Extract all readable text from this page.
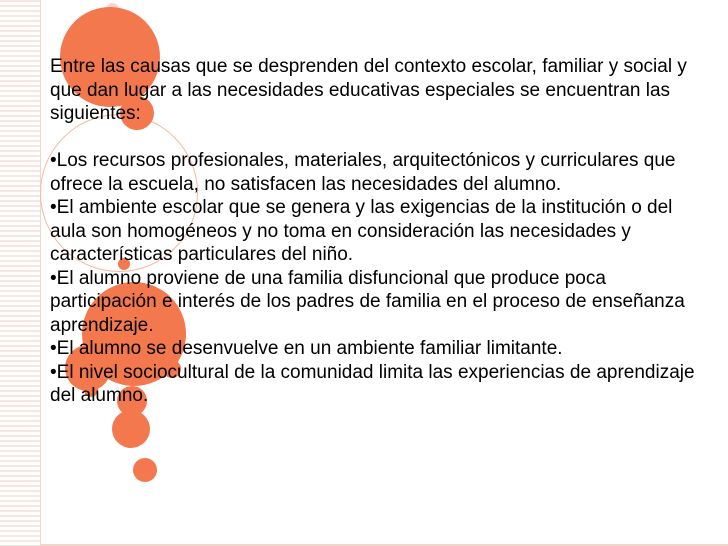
Entre las causas que se desprenden del contexto escolar, familiar y social y que dan lugar a las necesidades educativas especiales se encuentran las siguientes:

•Los recursos profesionales, materiales, arquitectónicos y curriculares que ofrece la escuela, no satisfacen las necesidades del alumno.

•El ambiente escolar que se genera y las exigencias de la institución o del aula son homogéneos y no toma en consideración las necesidades y características particulares del niño.

•El alumno proviene de una familia disfuncional que produce poca participación e interés de los padres de familia en el proceso de enseñanza aprendizaje.

•El alumno se desenvuelve en un ambiente familiar limitante.

•El nivel sociocultural de la comunidad limita las experiencias de aprendizaje del alumno.
